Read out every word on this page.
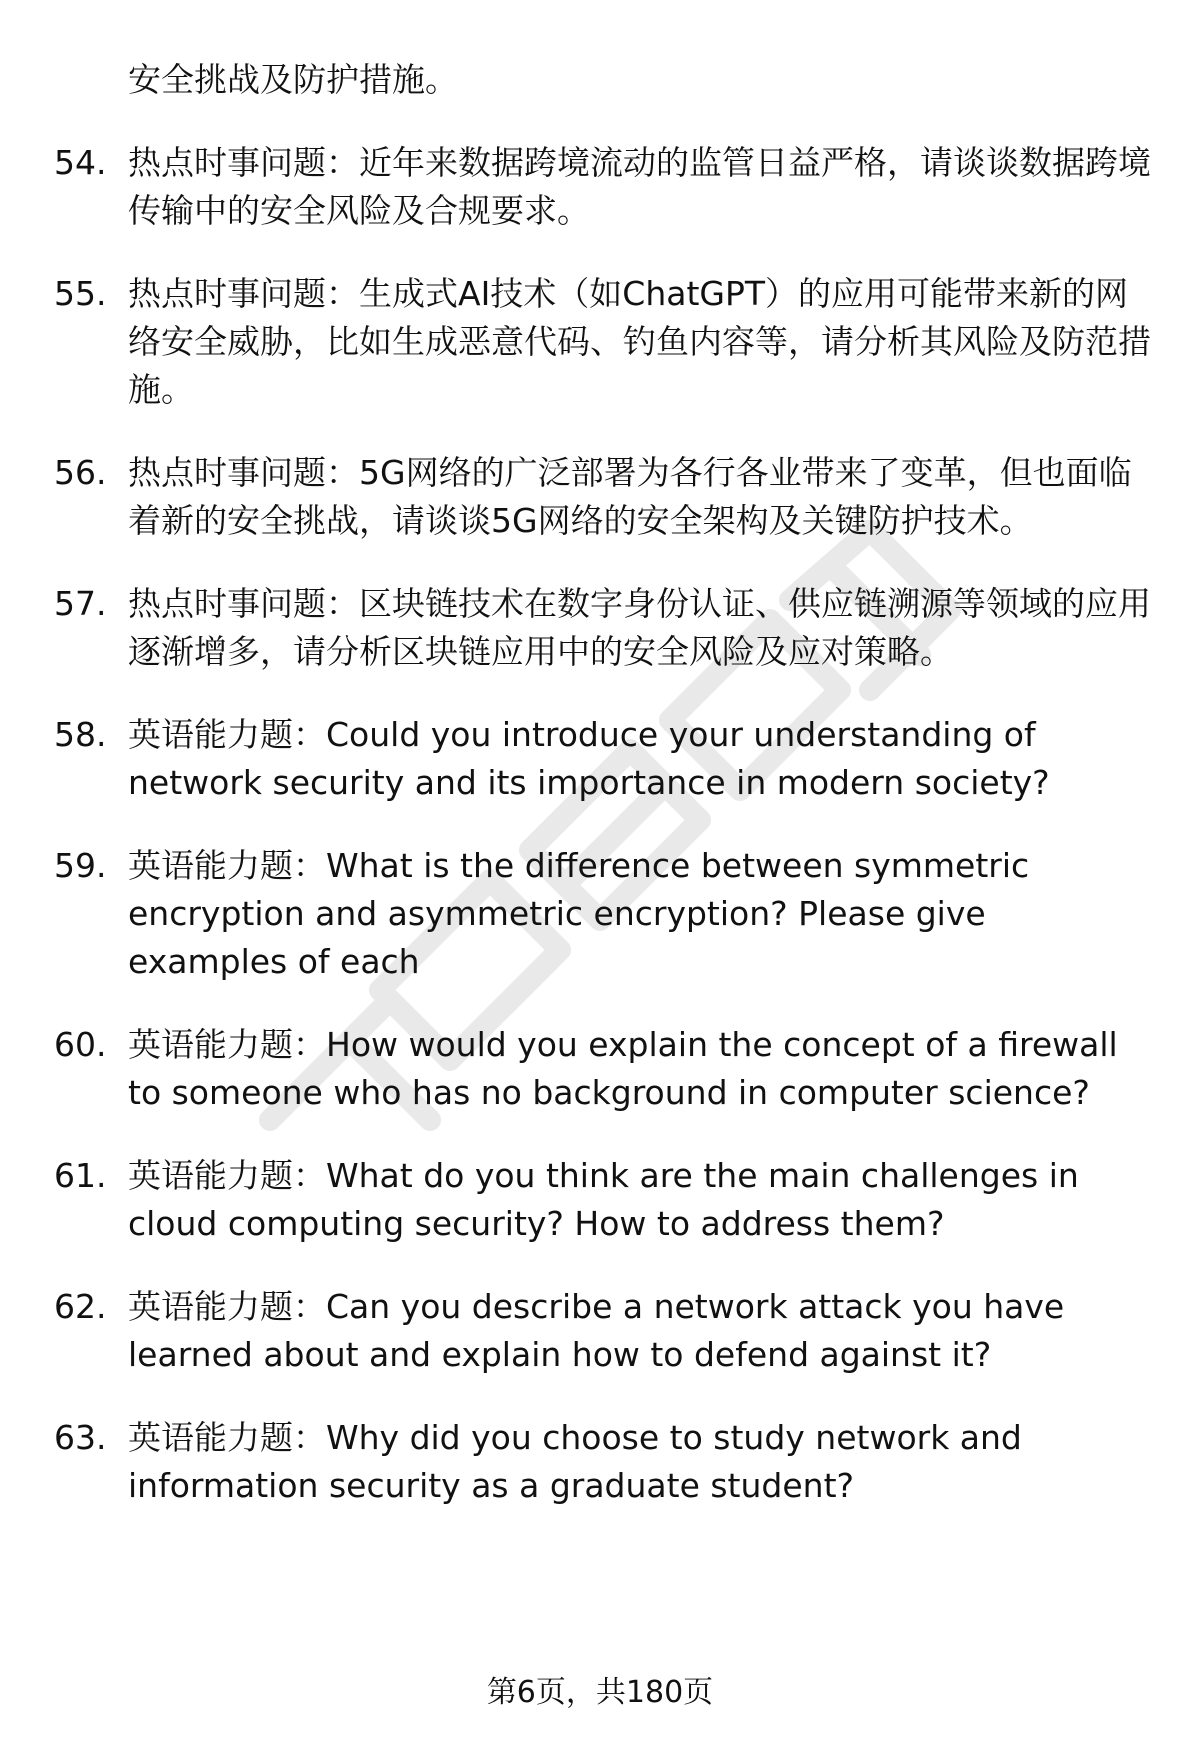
安全挑战及防护措施。
54. 热点时事问题：近年来数据跨境流动的监管日益严格，请谈谈数据跨境传输中的安全风险及合规要求。
55. 热点时事问题：生成式AI技术（如ChatGPT）的应用可能带来新的网络安全威胁，比如生成恶意代码、钓鱼内容等，请分析其风险及防范措施。
56. 热点时事问题：5G网络的广泛部署为各行各业带来了变革，但也面临着新的安全挑战，请谈谈5G网络的安全架构及关键防护技术。
57. 热点时事问题：区块链技术在数字身份认证、供应链溯源等领域的应用逐渐增多，请分析区块链应用中的安全风险及应对策略。
58. 英语能力题：Could you introduce your understanding of network security and its importance in modern society?
59. 英语能力题：What is the difference between symmetric encryption and asymmetric encryption? Please give examples of each
60. 英语能力题：How would you explain the concept of a firewall to someone who has no background in computer science?
61. 英语能力题：What do you think are the main challenges in cloud computing security? How to address them?
62. 英语能力题：Can you describe a network attack you have learned about and explain how to defend against it?
63. 英语能力题：Why did you choose to study network and information security as a graduate student?
第6页，共180页
